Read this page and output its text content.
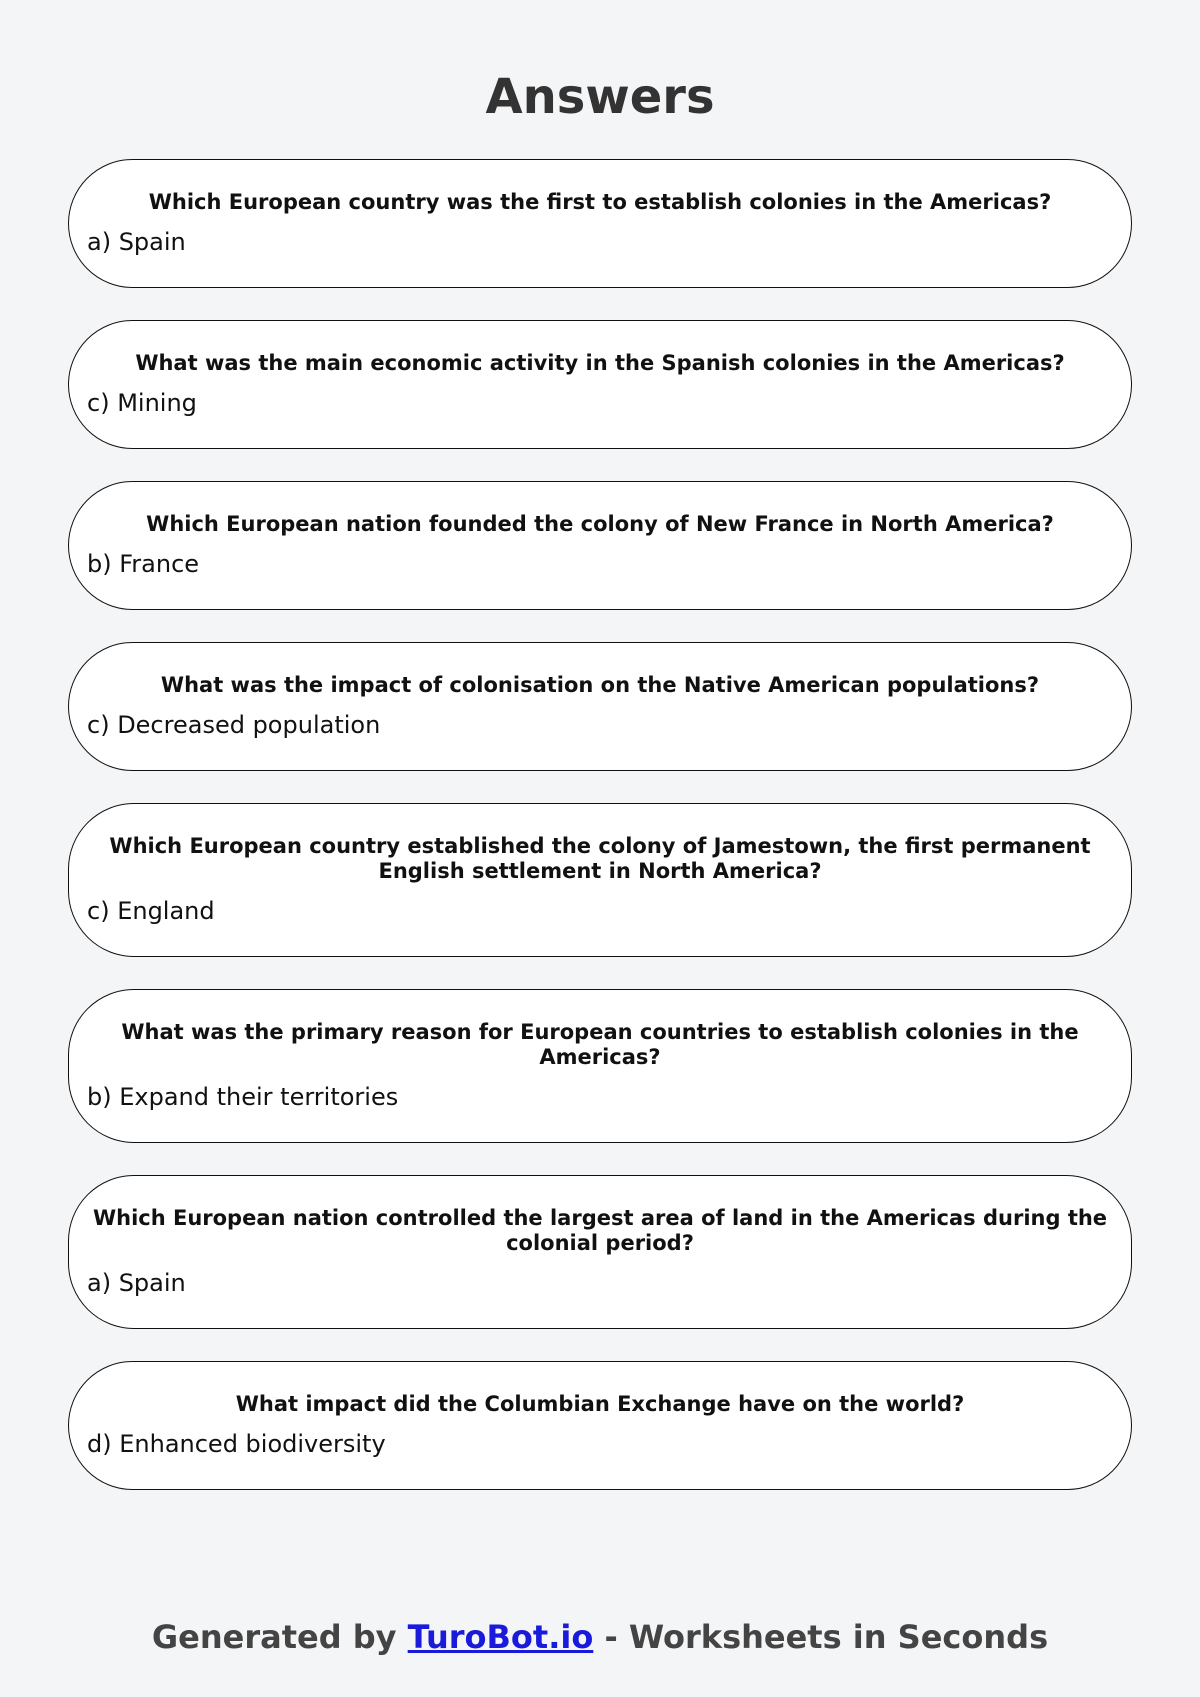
Answers

Which European country was the first to establish colonies in the Americas?

a) Spain

What was the main economic activity in the Spanish colonies in the Americas?

c) Mining

Which European nation founded the colony of New France in North America?

b) France

What was the impact of colonisation on the Native American populations?

c) Decreased population

Which European country established the colony of Jamestown, the first permanent English settlement in North America?

c) England

What was the primary reason for European countries to establish colonies in the Americas?

b) Expand their territories

Which European nation controlled the largest area of land in the Americas during the colonial period?

a) Spain

What impact did the Columbian Exchange have on the world?

d) Enhanced biodiversity

Generated by TuroBot.io - Worksheets in Seconds
